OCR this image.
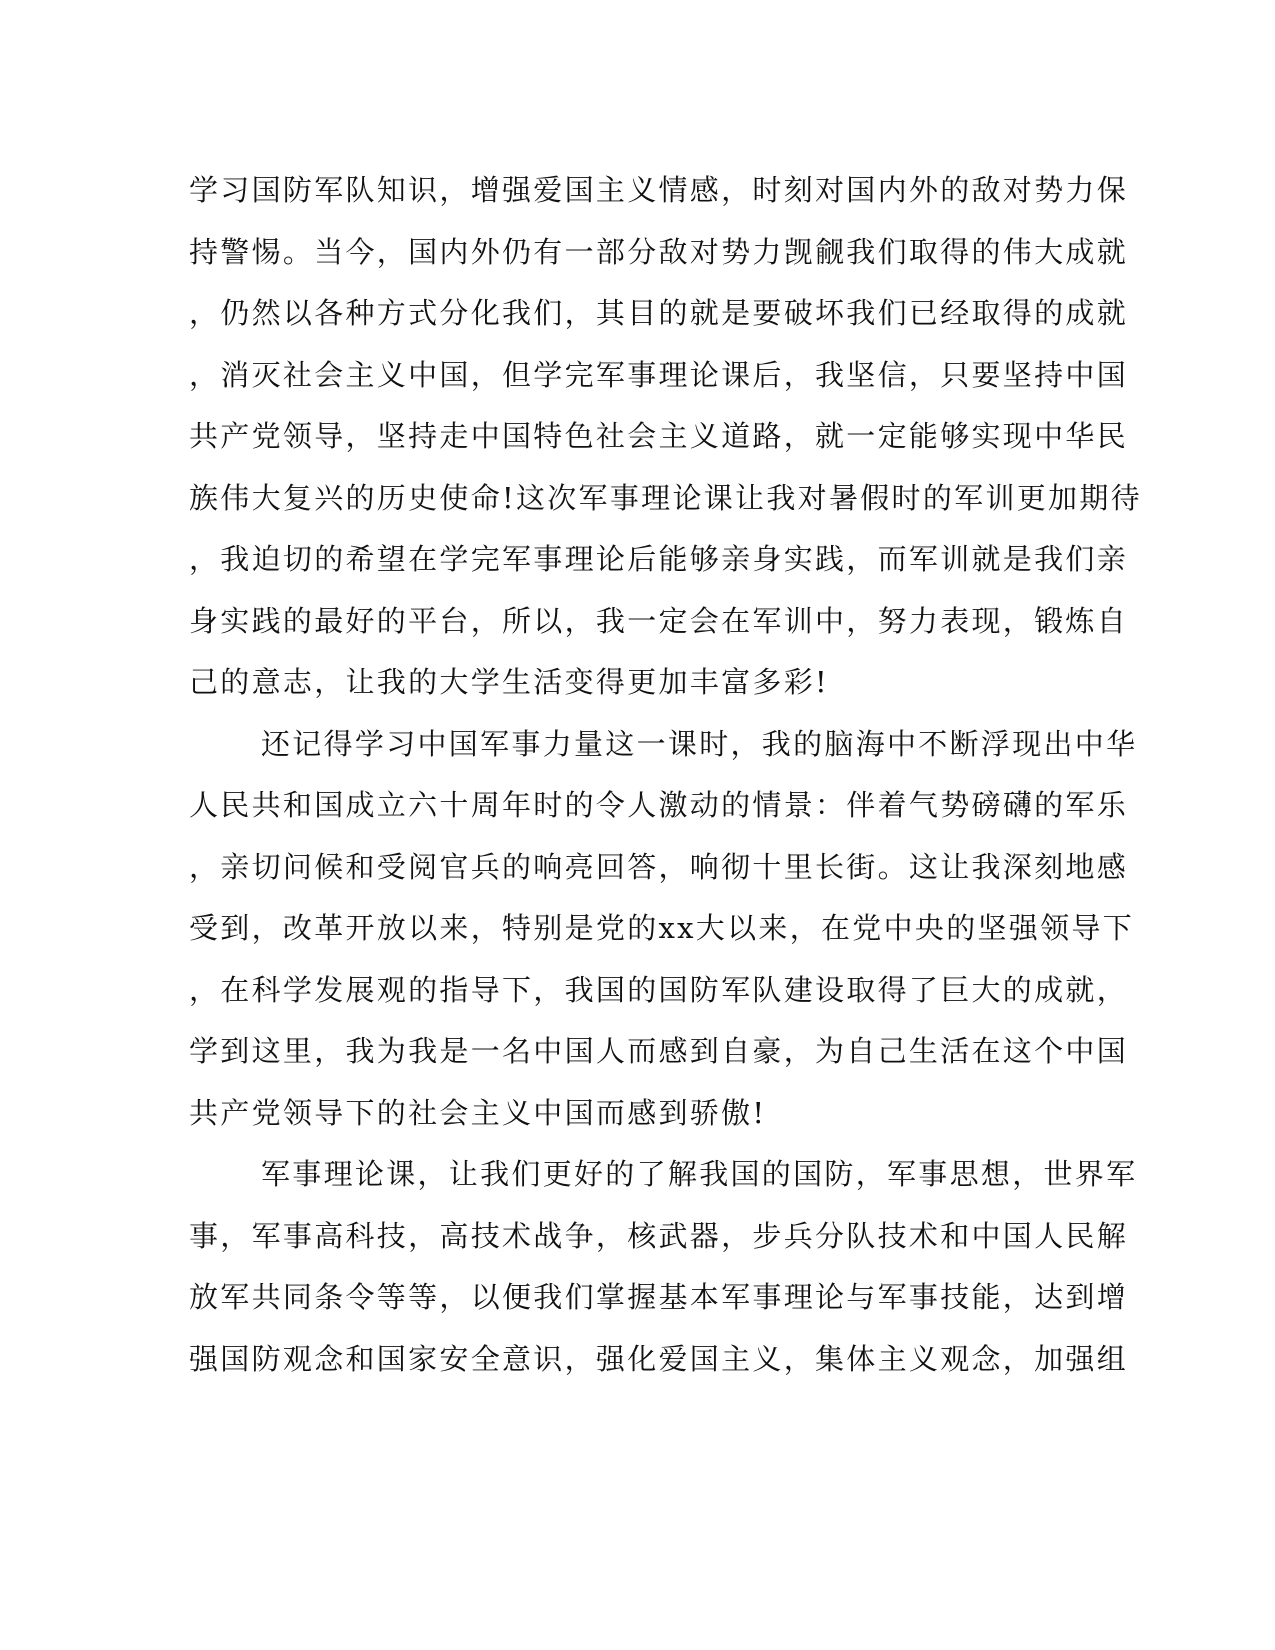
学习国防军队知识，增强爱国主义情感，时刻对国内外的敌对势力保
持警惕。当今，国内外仍有一部分敌对势力觊觎我们取得的伟大成就
，仍然以各种方式分化我们，其目的就是要破坏我们已经取得的成就
，消灭社会主义中国，但学完军事理论课后，我坚信，只要坚持中国
共产党领导，坚持走中国特色社会主义道路，就一定能够实现中华民
族伟大复兴的历史使命!这次军事理论课让我对暑假时的军训更加期待
，我迫切的希望在学完军事理论后能够亲身实践，而军训就是我们亲
身实践的最好的平台，所以，我一定会在军训中，努力表现，锻炼自
己的意志，让我的大学生活变得更加丰富多彩!
还记得学习中国军事力量这一课时，我的脑海中不断浮现出中华
人民共和国成立六十周年时的令人激动的情景：伴着气势磅礴的军乐
，亲切问候和受阅官兵的响亮回答，响彻十里长街。这让我深刻地感
受到，改革开放以来，特别是党的xx大以来，在党中央的坚强领导下
，在科学发展观的指导下，我国的国防军队建设取得了巨大的成就，
学到这里，我为我是一名中国人而感到自豪，为自己生活在这个中国
共产党领导下的社会主义中国而感到骄傲!
军事理论课，让我们更好的了解我国的国防，军事思想，世界军
事，军事高科技，高技术战争，核武器，步兵分队技术和中国人民解
放军共同条令等等，以便我们掌握基本军事理论与军事技能，达到增
强国防观念和国家安全意识，强化爱国主义，集体主义观念，加强组
